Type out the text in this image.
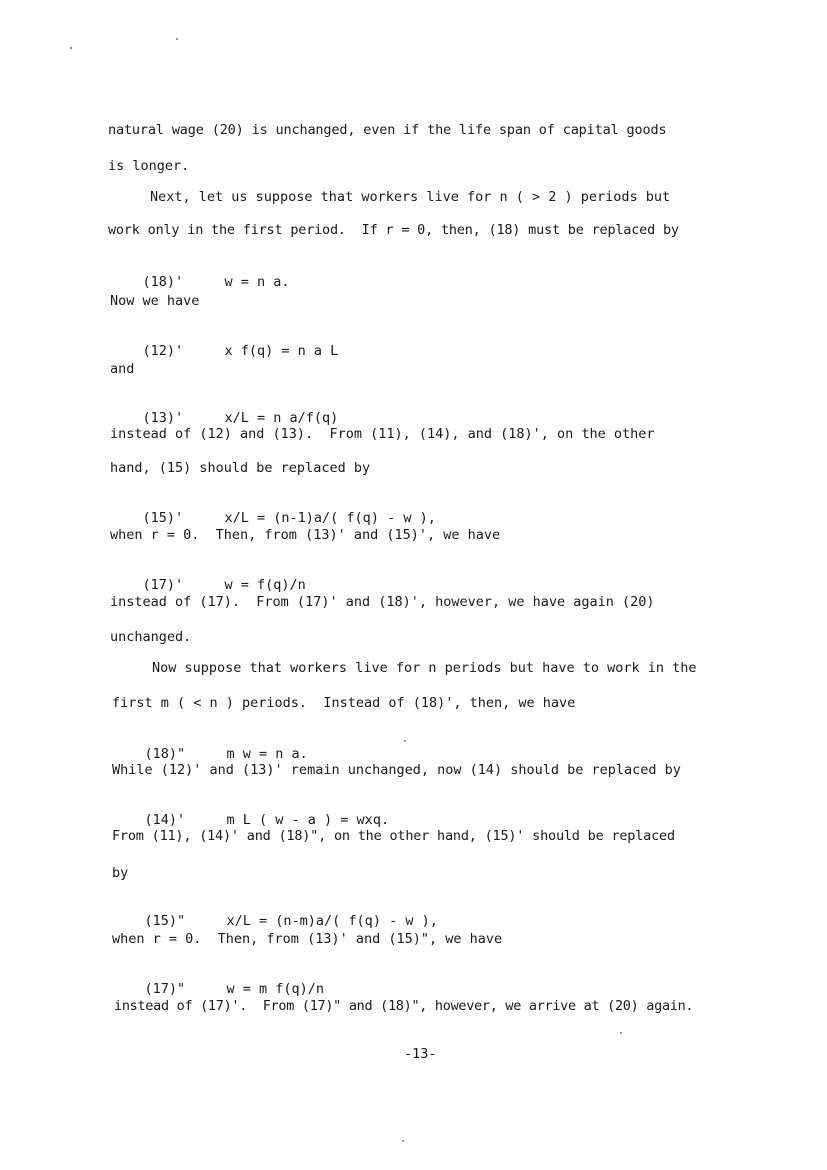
natural wage (20) is unchanged, even if the life span of capital goods
is longer.
Next, let us suppose that workers live for n ( > 2 ) periods but
work only in the first period.  If r = 0, then, (18) must be replaced by

(18)'	w = n a.

Now we have

(12)'	x f(q) = n a L

and

(13)'	x/L = n a/f(q)

instead of (12) and (13).  From (11), (14), and (18)', on the other
hand, (15) should be replaced by

(15)'	x/L = (n-1)a/( f(q) - w ),

when r = 0.  Then, from (13)' and (15)', we have

(17)'	w = f(q)/n

instead of (17).  From (17)' and (18)', however, we have again (20)
unchanged.
Now suppose that workers live for n periods but have to work in the
first m ( < n ) periods.  Instead of (18)', then, we have

(18)"	m w = n a.

While (12)' and (13)' remain unchanged, now (14) should be replaced by

(14)'	m L ( w - a ) = wxq.

From (11), (14)' and (18)", on the other hand, (15)' should be replaced
by

(15)"	x/L = (n-m)a/( f(q) - w ),

when r = 0.  Then, from (13)' and (15)", we have

(17)"	w = m f(q)/n

instead of (17)'.  From (17)" and (18)", however, we arrive at (20) again.
-13-
